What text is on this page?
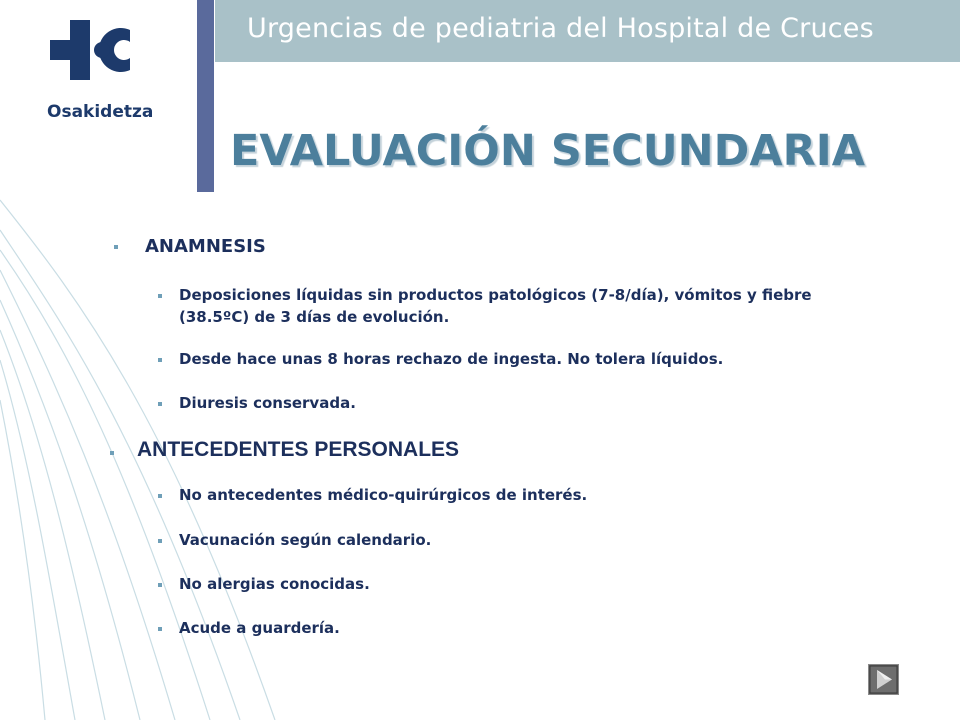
Urgencias de pediatria del Hospital de Cruces
Osakidetza
EVALUACIÓN SECUNDARIA
ANAMNESIS
Deposiciones líquidas sin productos patológicos (7-8/día), vómitos y fiebre
(38.5ºC) de 3 días de evolución.
Desde hace unas 8 horas rechazo de ingesta. No tolera líquidos.
Diuresis conservada.
ANTECEDENTES PERSONALES
No antecedentes médico-quirúrgicos de interés.
Vacunación según calendario.
No alergias conocidas.
Acude a guardería.
